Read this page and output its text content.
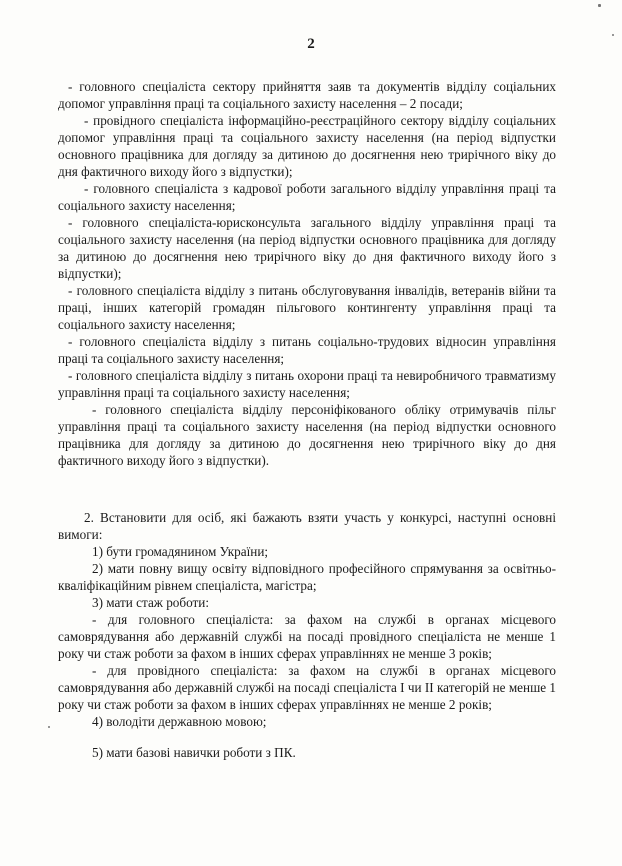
2

- головного спеціаліста сектору прийняття заяв та документів відділу соціальних допомог управління праці та соціального захисту населення – 2 посади;

- провідного спеціаліста інформаційно-реєстраційного сектору відділу соціальних допомог управління праці та соціального захисту населення (на період відпустки основного працівника для догляду за дитиною до досягнення нею трирічного віку до дня фактичного виходу його з відпустки);

- головного спеціаліста з кадрової роботи загального відділу управління праці та соціального захисту населення;

- головного спеціаліста-юрисконсульта загального відділу управління праці та соціального захисту населення (на період відпустки основного працівника для догляду за дитиною до досягнення нею трирічного віку до дня фактичного виходу його з відпустки);

- головного спеціаліста відділу з питань обслуговування інвалідів, ветеранів війни та праці, інших категорій громадян пільгового контингенту управління праці та соціального захисту населення;

- головного спеціаліста відділу з питань соціально-трудових відносин управління праці та соціального захисту населення;

- головного спеціаліста відділу з питань охорони праці та невиробничого травматизму управління праці та соціального захисту населення;

- головного спеціаліста відділу персоніфікованого обліку отримувачів пільг управління праці та соціального захисту населення (на період відпустки основного працівника для догляду за дитиною до досягнення нею трирічного віку до дня фактичного виходу його з відпустки).

2. Встановити для осіб, які бажають взяти участь у конкурсі, наступні основні вимоги:

1) бути громадянином України;

2) мати повну вищу освіту відповідного професійного спрямування за освітньо-кваліфікаційним рівнем спеціаліста, магістра;

3) мати стаж роботи:

- для головного спеціаліста: за фахом на службі в органах місцевого самоврядування або державній службі на посаді провідного спеціаліста не менше 1 року чи стаж роботи за фахом в інших сферах управліннях не менше 3 років;

- для провідного спеціаліста: за фахом на службі в органах місцевого самоврядування або державній службі на посаді спеціаліста І чи ІІ категорій не менше 1 року чи стаж роботи за фахом в інших сферах управліннях не менше 2 років;

4) володіти державною мовою;

5) мати базові навички роботи з ПК.
